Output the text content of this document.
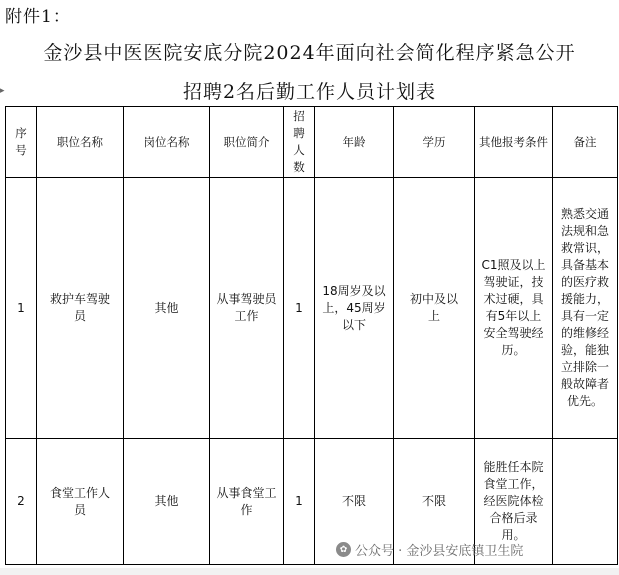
附件1：
金沙县中医医院安底分院2024年面向社会简化程序紧急公开
▸	招聘2名后勤工作人员计划表
序号	职位名称	岗位名称	职位简介	招聘人数	年龄	学历	其他报考条件	备注
1	救护车驾驶员	其他	从事驾驶员工作	1	18周岁及以上，45周岁以下	初中及以上	C1照及以上驾驶证，技术过硬，具有5年以上安全驾驶经历。	熟悉交通法规和急救常识，具备基本的医疗救援能力，具有一定的维修经验，能独立排除一般故障者优先。
2	食堂工作人员	其他	从事食堂工作	1	不限	不限	能胜任本院食堂工作，经医院体检合格后录用。	
✿ 公众号 · 金沙县安底镇卫生院
